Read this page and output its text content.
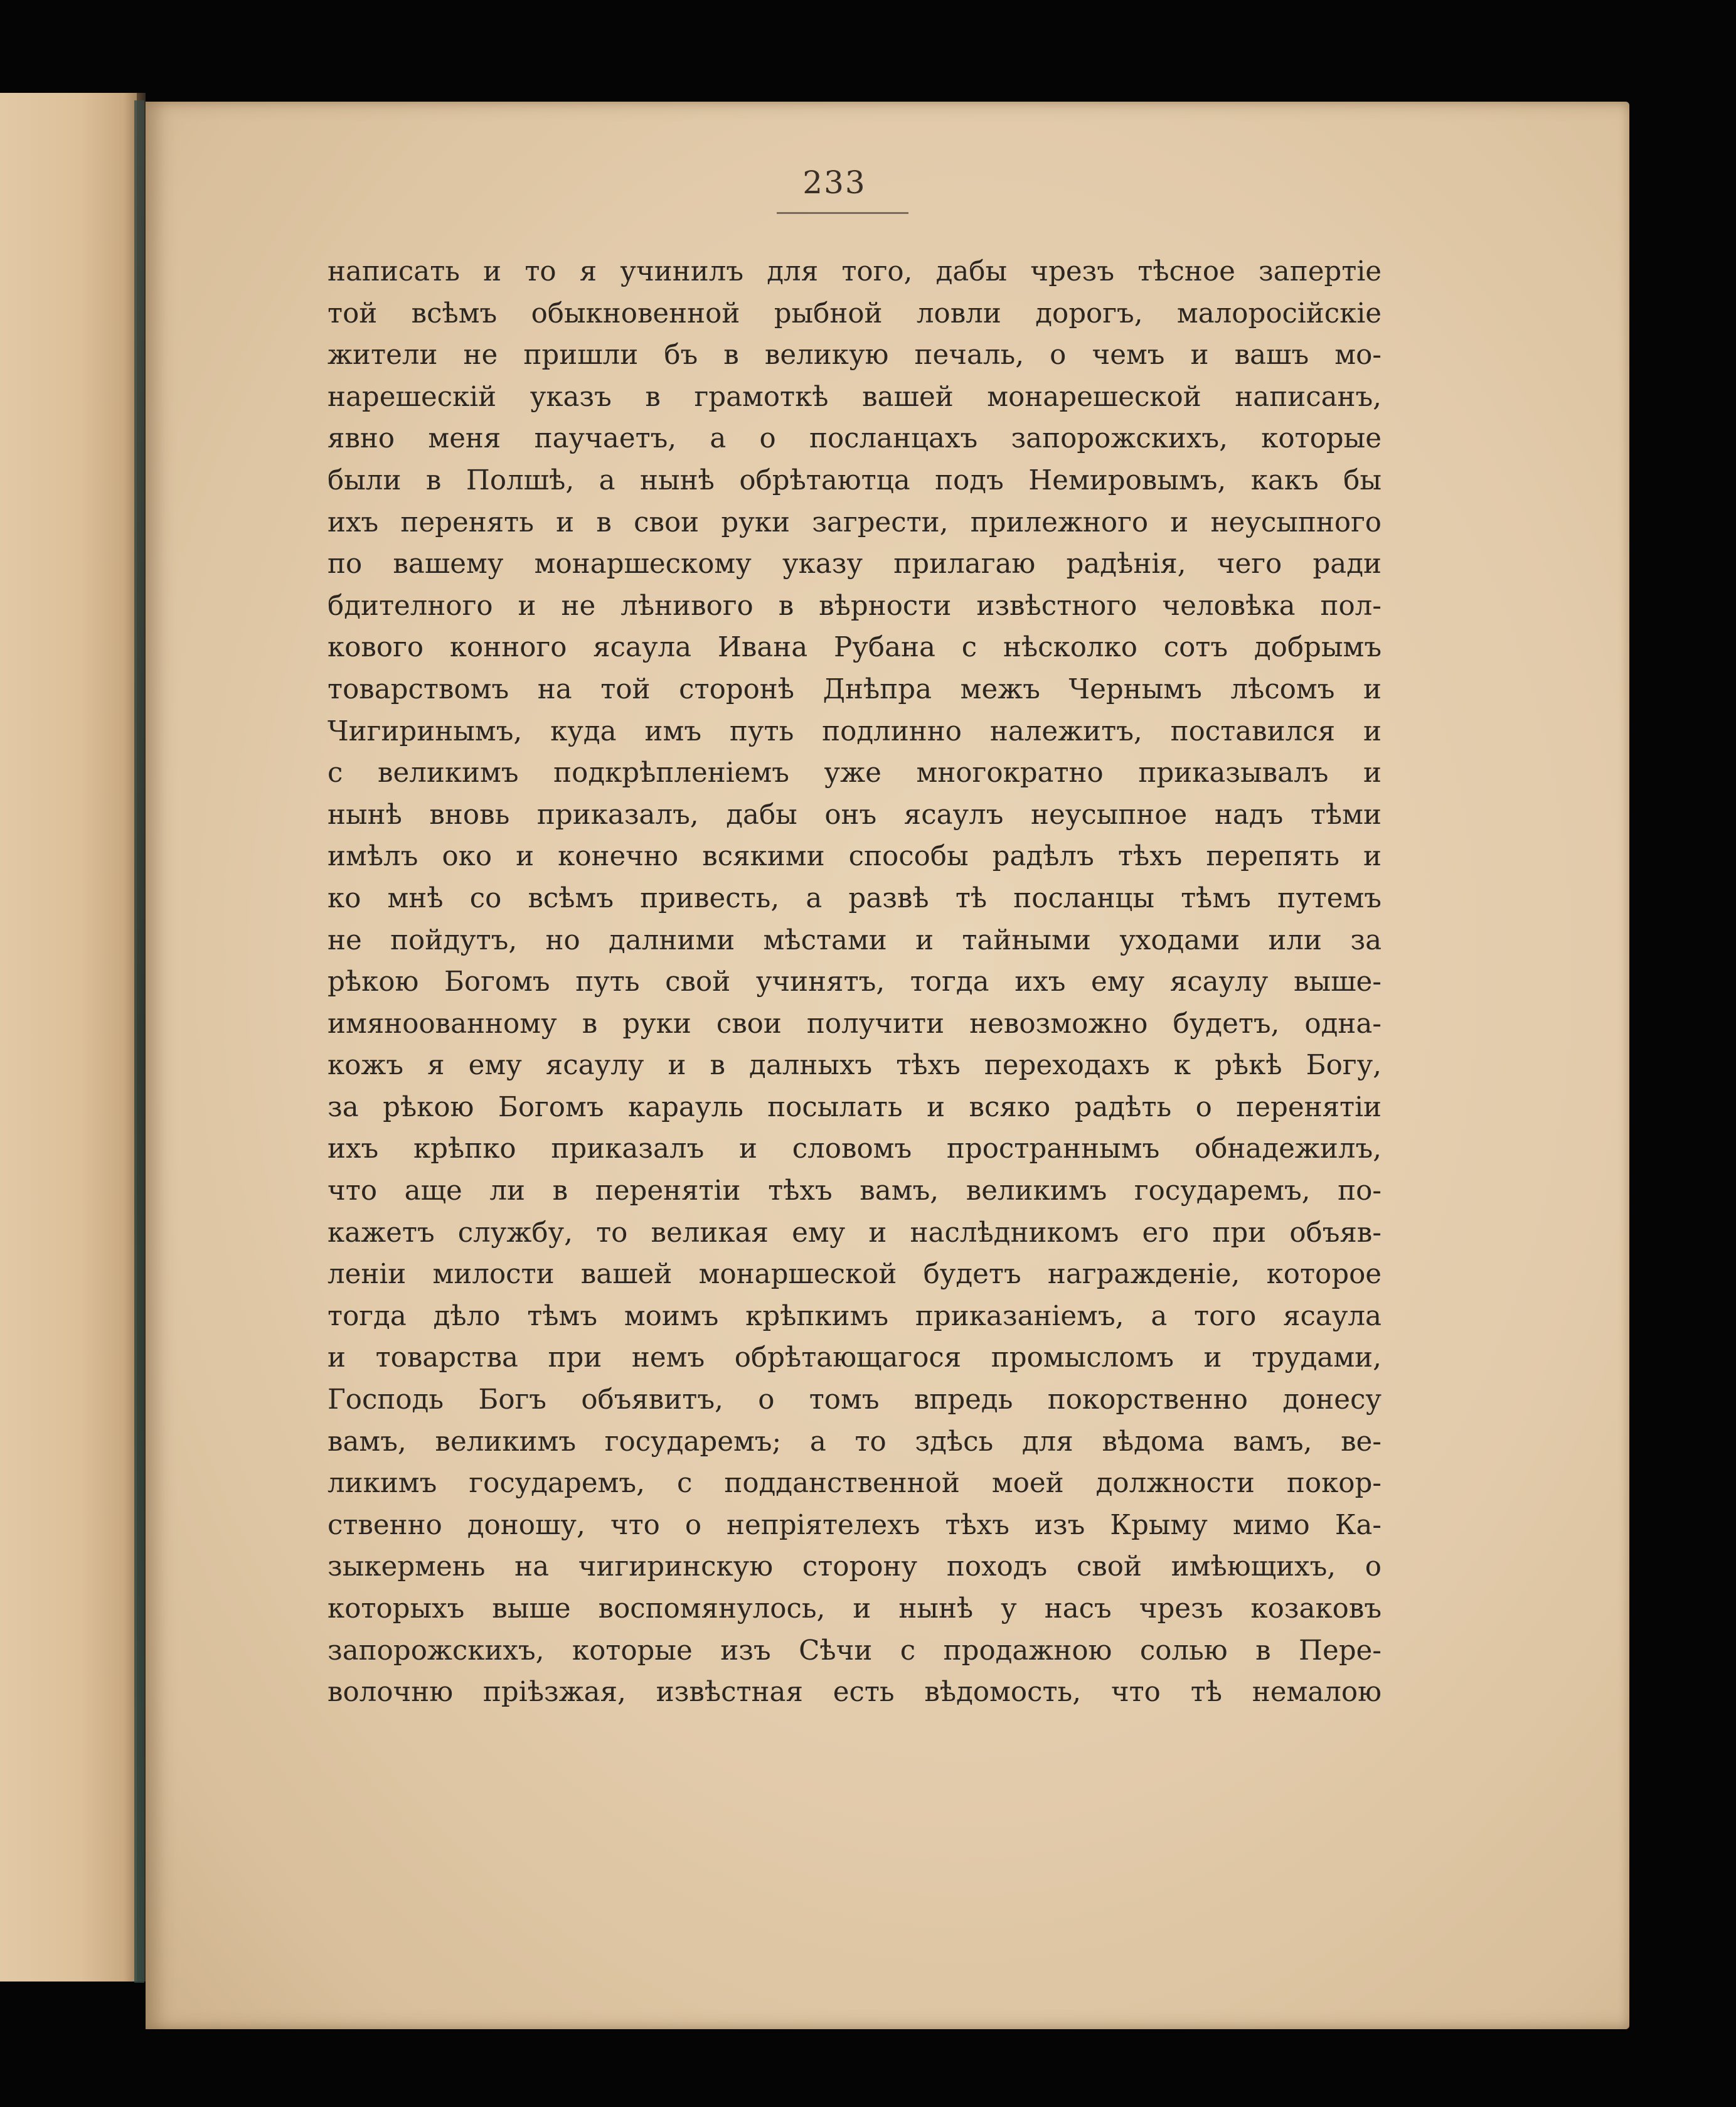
233
написать и то я учинилъ для того, дабы чрезъ тѣсное запертіе
той всѣмъ обыкновенной рыбной ловли дорогъ, малоросійскіе
жители не пришли бъ в великую печаль, о чемъ и вашъ мо-
нарешескій указъ в грамоткѣ вашей монарешеской написанъ,
явно меня паучаетъ, а о посланцахъ запорожскихъ, которые
были в Полшѣ, а нынѣ обрѣтаютца подъ Немировымъ, какъ бы
ихъ перенять и в свои руки загрести, прилежного и неусыпного
по вашему монаршескому указу прилагаю радѣнія, чего ради
бдителного и не лѣнивого в вѣрности извѣстного человѣка пол-
кового конного ясаула Ивана Рубана с нѣсколко сотъ добрымъ
товарствомъ на той сторонѣ Днѣпра межъ Чернымъ лѣсомъ и
Чигиринымъ, куда имъ путь подлинно належитъ, поставился и
с великимъ подкрѣпленіемъ уже многократно приказывалъ и
нынѣ вновь приказалъ, дабы онъ ясаулъ неусыпное надъ тѣми
имѣлъ око и конечно всякими способы радѣлъ тѣхъ перепять и
ко мнѣ со всѣмъ привесть, а развѣ тѣ посланцы тѣмъ путемъ
не пойдутъ, но далними мѣстами и тайными уходами или за
рѣкою Богомъ путь свой учинятъ, тогда ихъ ему ясаулу выше-
имяноованному в руки свои получити невозможно будетъ, одна-
кожъ я ему ясаулу и в далныхъ тѣхъ переходахъ к рѣкѣ Богу,
за рѣкою Богомъ карауль посылать и всяко радѣть о перенятіи
ихъ крѣпко приказалъ и словомъ пространнымъ обнадежилъ,
что аще ли в перенятіи тѣхъ вамъ, великимъ государемъ, по-
кажетъ службу, то великая ему и наслѣдникомъ его при объяв-
леніи милости вашей монаршеской будетъ награжденіе, которое
тогда дѣло тѣмъ моимъ крѣпкимъ приказаніемъ, а того ясаула
и товарства при немъ обрѣтающагося промысломъ и трудами,
Господь Богъ объявитъ, о томъ впредь покорственно донесу
вамъ, великимъ государемъ; а то здѣсь для вѣдома вамъ, ве-
ликимъ государемъ, с подданственной моей должности покор-
ственно доношу, что о непріятелехъ тѣхъ изъ Крыму мимо Ка-
зыкермень на чигиринскую сторону походъ свой имѣющихъ, о
которыхъ выше воспомянулось, и нынѣ у насъ чрезъ козаковъ
запорожскихъ, которые изъ Сѣчи с продажною солью в Пере-
волочню пріѣзжая, извѣстная есть вѣдомость, что тѣ немалою
